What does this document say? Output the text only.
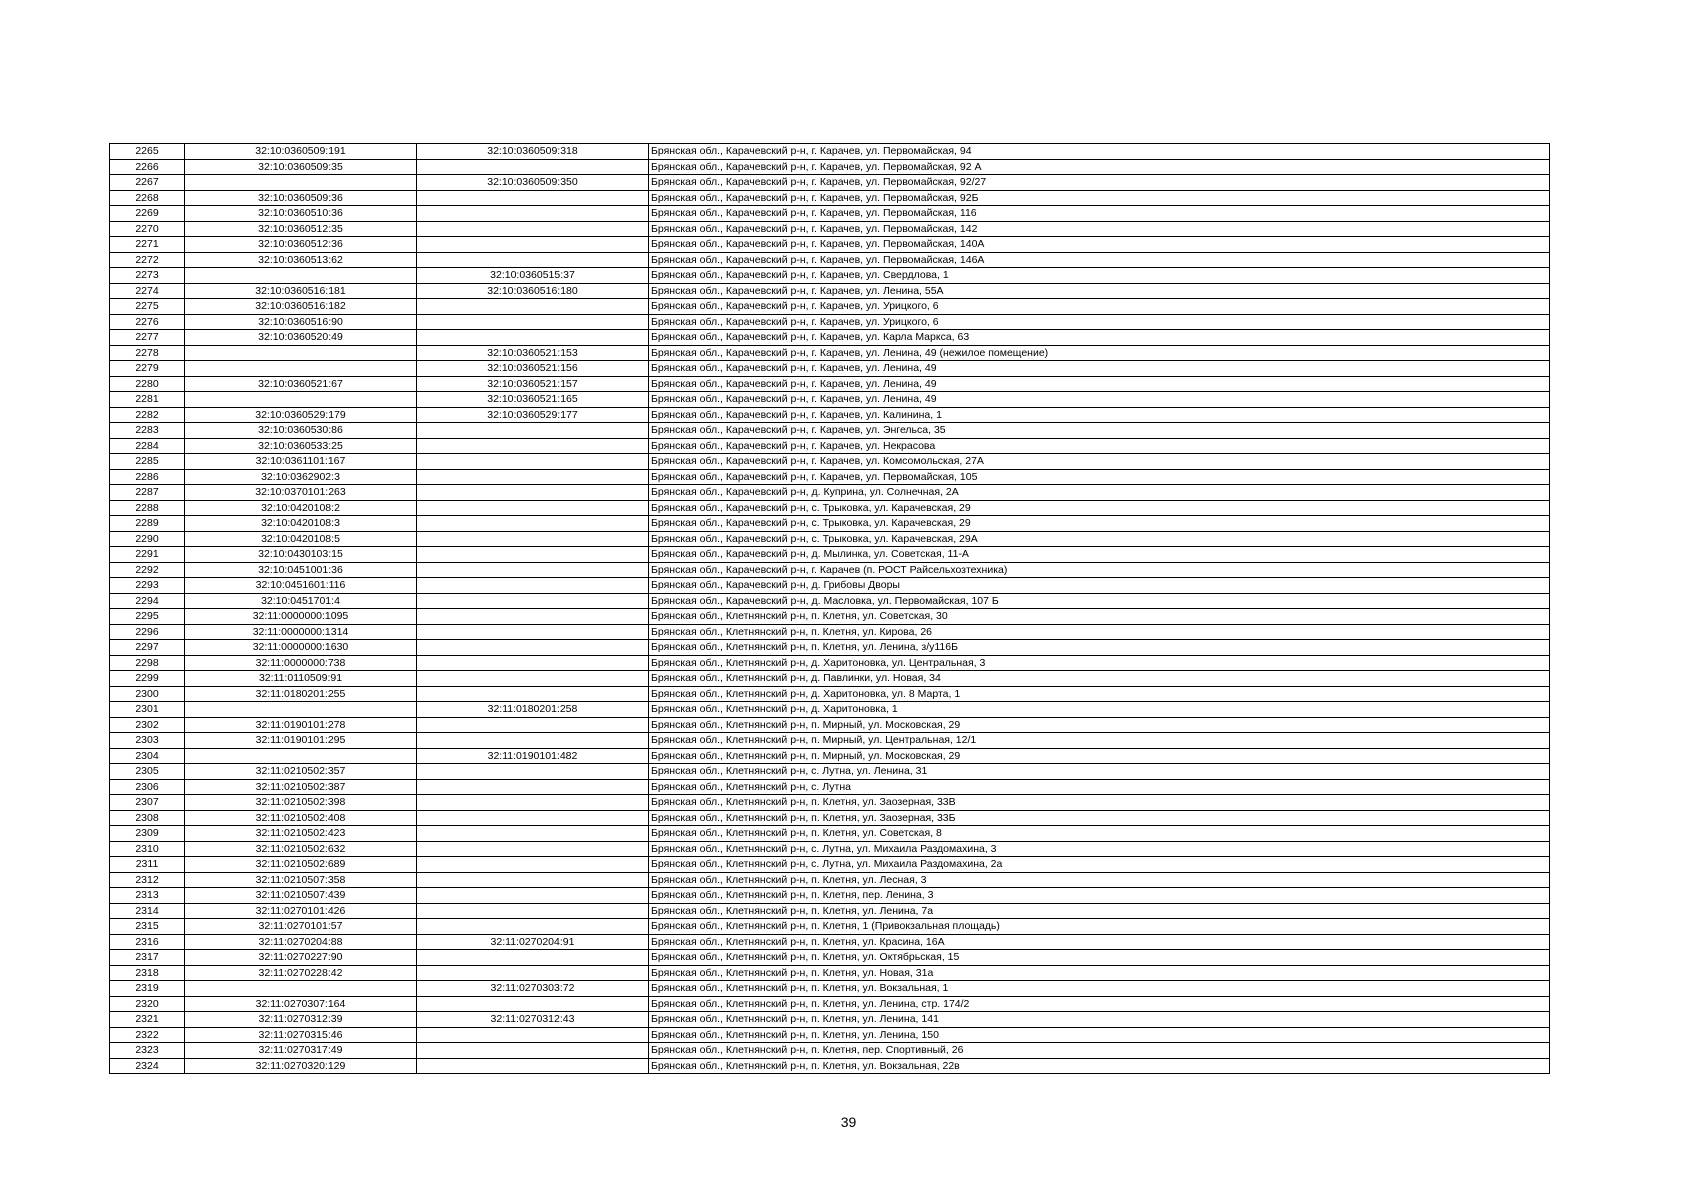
2265	32:10:0360509:191	32:10:0360509:318	Брянская обл., Карачевский р-н, г. Карачев, ул. Первомайская, 94
2266	32:10:0360509:35		Брянская обл., Карачевский р-н, г. Карачев, ул. Первомайская, 92 А
2267		32:10:0360509:350	Брянская обл., Карачевский р-н, г. Карачев, ул. Первомайская, 92/27
2268	32:10:0360509:36		Брянская обл., Карачевский р-н, г. Карачев, ул. Первомайская, 92Б
2269	32:10:0360510:36		Брянская обл., Карачевский р-н, г. Карачев, ул. Первомайская, 116
2270	32:10:0360512:35		Брянская обл., Карачевский р-н, г. Карачев, ул. Первомайская, 142
2271	32:10:0360512:36		Брянская обл., Карачевский р-н, г. Карачев, ул. Первомайская, 140А
2272	32:10:0360513:62		Брянская обл., Карачевский р-н, г. Карачев, ул. Первомайская, 146А
2273		32:10:0360515:37	Брянская обл., Карачевский р-н, г. Карачев, ул. Свердлова, 1
2274	32:10:0360516:181	32:10:0360516:180	Брянская обл., Карачевский р-н, г. Карачев, ул. Ленина, 55А
2275	32:10:0360516:182		Брянская обл., Карачевский р-н, г. Карачев, ул. Урицкого, 6
2276	32:10:0360516:90		Брянская обл., Карачевский р-н, г. Карачев, ул. Урицкого, 6
2277	32:10:0360520:49		Брянская обл., Карачевский р-н, г. Карачев, ул. Карла Маркса, 63
2278		32:10:0360521:153	Брянская обл., Карачевский р-н, г. Карачев, ул. Ленина, 49 (нежилое помещение)
2279		32:10:0360521:156	Брянская обл., Карачевский р-н, г. Карачев, ул. Ленина, 49
2280	32:10:0360521:67	32:10:0360521:157	Брянская обл., Карачевский р-н, г. Карачев, ул. Ленина, 49
2281		32:10:0360521:165	Брянская обл., Карачевский р-н, г. Карачев, ул. Ленина, 49
2282	32:10:0360529:179	32:10:0360529:177	Брянская обл., Карачевский р-н, г. Карачев, ул. Калинина, 1
2283	32:10:0360530:86		Брянская обл., Карачевский р-н, г. Карачев, ул. Энгельса, 35
2284	32:10:0360533:25		Брянская обл., Карачевский р-н, г. Карачев, ул. Некрасова
2285	32:10:0361101:167		Брянская обл., Карачевский р-н, г. Карачев, ул. Комсомольская, 27А
2286	32:10:0362902:3		Брянская обл., Карачевский р-н, г. Карачев, ул. Первомайская, 105
2287	32:10:0370101:263		Брянская обл., Карачевский р-н, д. Куприна, ул. Солнечная, 2А
2288	32:10:0420108:2		Брянская обл., Карачевский р-н, с. Трыковка, ул. Карачевская, 29
2289	32:10:0420108:3		Брянская обл., Карачевский р-н, с. Трыковка, ул. Карачевская, 29
2290	32:10:0420108:5		Брянская обл., Карачевский р-н, с. Трыковка, ул. Карачевская, 29А
2291	32:10:0430103:15		Брянская обл., Карачевский р-н, д. Мылинка, ул. Советская, 11-А
2292	32:10:0451001:36		Брянская обл., Карачевский р-н, г. Карачев (п. РОСТ Райсельхозтехника)
2293	32:10:0451601:116		Брянская обл., Карачевский р-н, д. Грибовы Дворы
2294	32:10:0451701:4		Брянская обл., Карачевский р-н, д. Масловка, ул. Первомайская, 107 Б
2295	32:11:0000000:1095		Брянская обл., Клетнянский р-н, п. Клетня, ул. Советская, 30
2296	32:11:0000000:1314		Брянская обл., Клетнянский р-н, п. Клетня, ул. Кирова, 26
2297	32:11:0000000:1630		Брянская обл., Клетнянский р-н, п. Клетня, ул. Ленина, з/у116Б
2298	32:11:0000000:738		Брянская обл., Клетнянский р-н, д. Харитоновка, ул. Центральная, 3
2299	32:11:0110509:91		Брянская обл., Клетнянский р-н, д. Павлинки, ул. Новая, 34
2300	32:11:0180201:255		Брянская обл., Клетнянский р-н, д. Харитоновка, ул. 8 Марта, 1
2301		32:11:0180201:258	Брянская обл., Клетнянский р-н, д. Харитоновка, 1
2302	32:11:0190101:278		Брянская обл., Клетнянский р-н, п. Мирный, ул. Московская, 29
2303	32:11:0190101:295		Брянская обл., Клетнянский р-н, п. Мирный, ул. Центральная, 12/1
2304		32:11:0190101:482	Брянская обл., Клетнянский р-н, п. Мирный, ул. Московская, 29
2305	32:11:0210502:357		Брянская обл., Клетнянский р-н, с. Лутна, ул. Ленина, 31
2306	32:11:0210502:387		Брянская обл., Клетнянский р-н, с. Лутна
2307	32:11:0210502:398		Брянская обл., Клетнянский р-н, п. Клетня, ул. Заозерная, 33В
2308	32:11:0210502:408		Брянская обл., Клетнянский р-н, п. Клетня, ул. Заозерная, 33Б
2309	32:11:0210502:423		Брянская обл., Клетнянский р-н, п. Клетня, ул. Советская, 8
2310	32:11:0210502:632		Брянская обл., Клетнянский р-н, с. Лутна, ул. Михаила Раздомахина, 3
2311	32:11:0210502:689		Брянская обл., Клетнянский р-н, с. Лутна, ул. Михаила Раздомахина, 2а
2312	32:11:0210507:358		Брянская обл., Клетнянский р-н, п. Клетня, ул. Лесная, 3
2313	32:11:0210507:439		Брянская обл., Клетнянский р-н, п. Клетня, пер. Ленина, 3
2314	32:11:0270101:426		Брянская обл., Клетнянский р-н, п. Клетня, ул. Ленина, 7а
2315	32:11:0270101:57		Брянская обл., Клетнянский р-н, п. Клетня, 1 (Привокзальная площадь)
2316	32:11:0270204:88	32:11:0270204:91	Брянская обл., Клетнянский р-н, п. Клетня, ул. Красина, 16А
2317	32:11:0270227:90		Брянская обл., Клетнянский р-н, п. Клетня, ул. Октябрьская, 15
2318	32:11:0270228:42		Брянская обл., Клетнянский р-н, п. Клетня, ул. Новая, 31а
2319		32:11:0270303:72	Брянская обл., Клетнянский р-н, п. Клетня, ул. Вокзальная, 1
2320	32:11:0270307:164		Брянская обл., Клетнянский р-н, п. Клетня, ул. Ленина, стр. 174/2
2321	32:11:0270312:39	32:11:0270312:43	Брянская обл., Клетнянский р-н, п. Клетня, ул. Ленина, 141
2322	32:11:0270315:46		Брянская обл., Клетнянский р-н, п. Клетня, ул. Ленина, 150
2323	32:11:0270317:49		Брянская обл., Клетнянский р-н, п. Клетня, пер. Спортивный, 26
2324	32:11:0270320:129		Брянская обл., Клетнянский р-н, п. Клетня, ул. Вокзальная, 22в
39
